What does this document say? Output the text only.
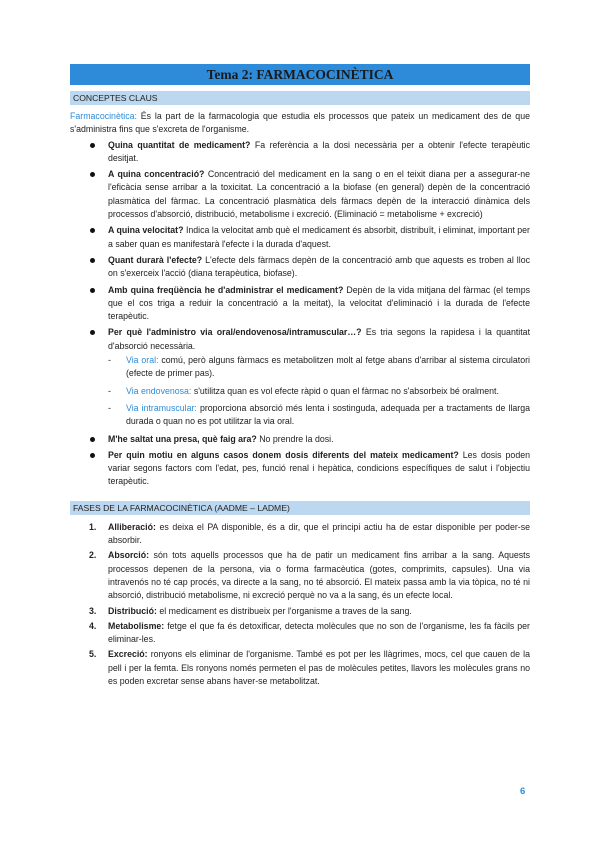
Tema 2: FARMACOCINÈTICA
CONCEPTES CLAUS
Farmacocinètica: És la part de la farmacologia que estudia els processos que pateix un medicament des de que s'administra fins que s'excreta de l'organisme.
Quina quantitat de medicament? Fa referència a la dosi necessària per a obtenir l'efecte terapèutic desitjat.
A quina concentració? Concentració del medicament en la sang o en el teixit diana per a assegurar-ne l'eficàcia sense arribar a la toxicitat. La concentració a la biofase (en general) depèn de la concentració plasmàtica del fàrmac. La concentració plasmàtica dels fàrmacs depèn de la interacció dinàmica dels processos d'absorció, distribució, metabolisme i excreció. (Eliminació = metabolisme + excreció)
A quina velocitat? Indica la velocitat amb què el medicament és absorbit, distribuït, i eliminat, important per a saber quan es manifestarà l'efecte i la durada d'aquest.
Quant durarà l'efecte? L'efecte dels fàrmacs depèn de la concentració amb que aquests es troben al lloc on s'exerceix l'acció (diana terapèutica, biofase).
Amb quina freqüència he d'administrar el medicament? Depèn de la vida mitjana del fàrmac (el temps que el cos triga a reduir la concentració a la meitat), la velocitat d'eliminació i la durada de l'efecte terapèutic.
Per què l'administro via oral/endovenosa/intramuscular…? Es tria segons la rapidesa i la quantitat d'absorció necessària.
- Via oral: comú, però alguns fàrmacs es metabolitzen molt al fetge abans d'arribar al sistema circulatori (efecte de primer pas).
- Via endovenosa: s'utilitza quan es vol efecte ràpid o quan el fàrmac no s'absorbeix bé oralment.
- Via intramuscular: proporciona absorció més lenta i sostinguda, adequada per a tractaments de llarga durada o quan no es pot utilitzar la via oral.
M'he saltat una presa, què faig ara? No prendre la dosi.
Per quin motiu en alguns casos donem dosis diferents del mateix medicament? Les dosis poden variar segons factors com l'edat, pes, funció renal i hepàtica, condicions específiques de salut i l'objectiu terapèutic.
FASES DE LA FARMACOCINÈTICA (AADME – LADME)
1. Alliberació: es deixa el PA disponible, és a dir, que el principi actiu ha de estar disponible per poder-se absorbir.
2. Absorció: són tots aquells processos que ha de patir un medicament fins arribar a la sang. Aquests processos depenen de la persona, via o forma farmacèutica (gotes, comprimits, capsules). Una via intravenós no té cap procés, va directe a la sang, no té absorció. El mateix passa amb la via tòpica, no té ni absorció, distribució metabolisme, ni excreció perquè no va a la sang, és un efecte local.
3. Distribució: el medicament es distribueix per l'organisme a traves de la sang.
4. Metabolisme: fetge el que fa és detoxificar, detecta molècules que no son de l'organisme, les fa fàcils per eliminar-les.
5. Excreció: ronyons els eliminar de l'organisme. També es pot per les llàgrimes, mocs, cel que cauen de la pell i per la femta. Els ronyons només permeten el pas de molècules petites, llavors les molècules grans no es poden excretar sense abans haver-se metabolitzat.
6
